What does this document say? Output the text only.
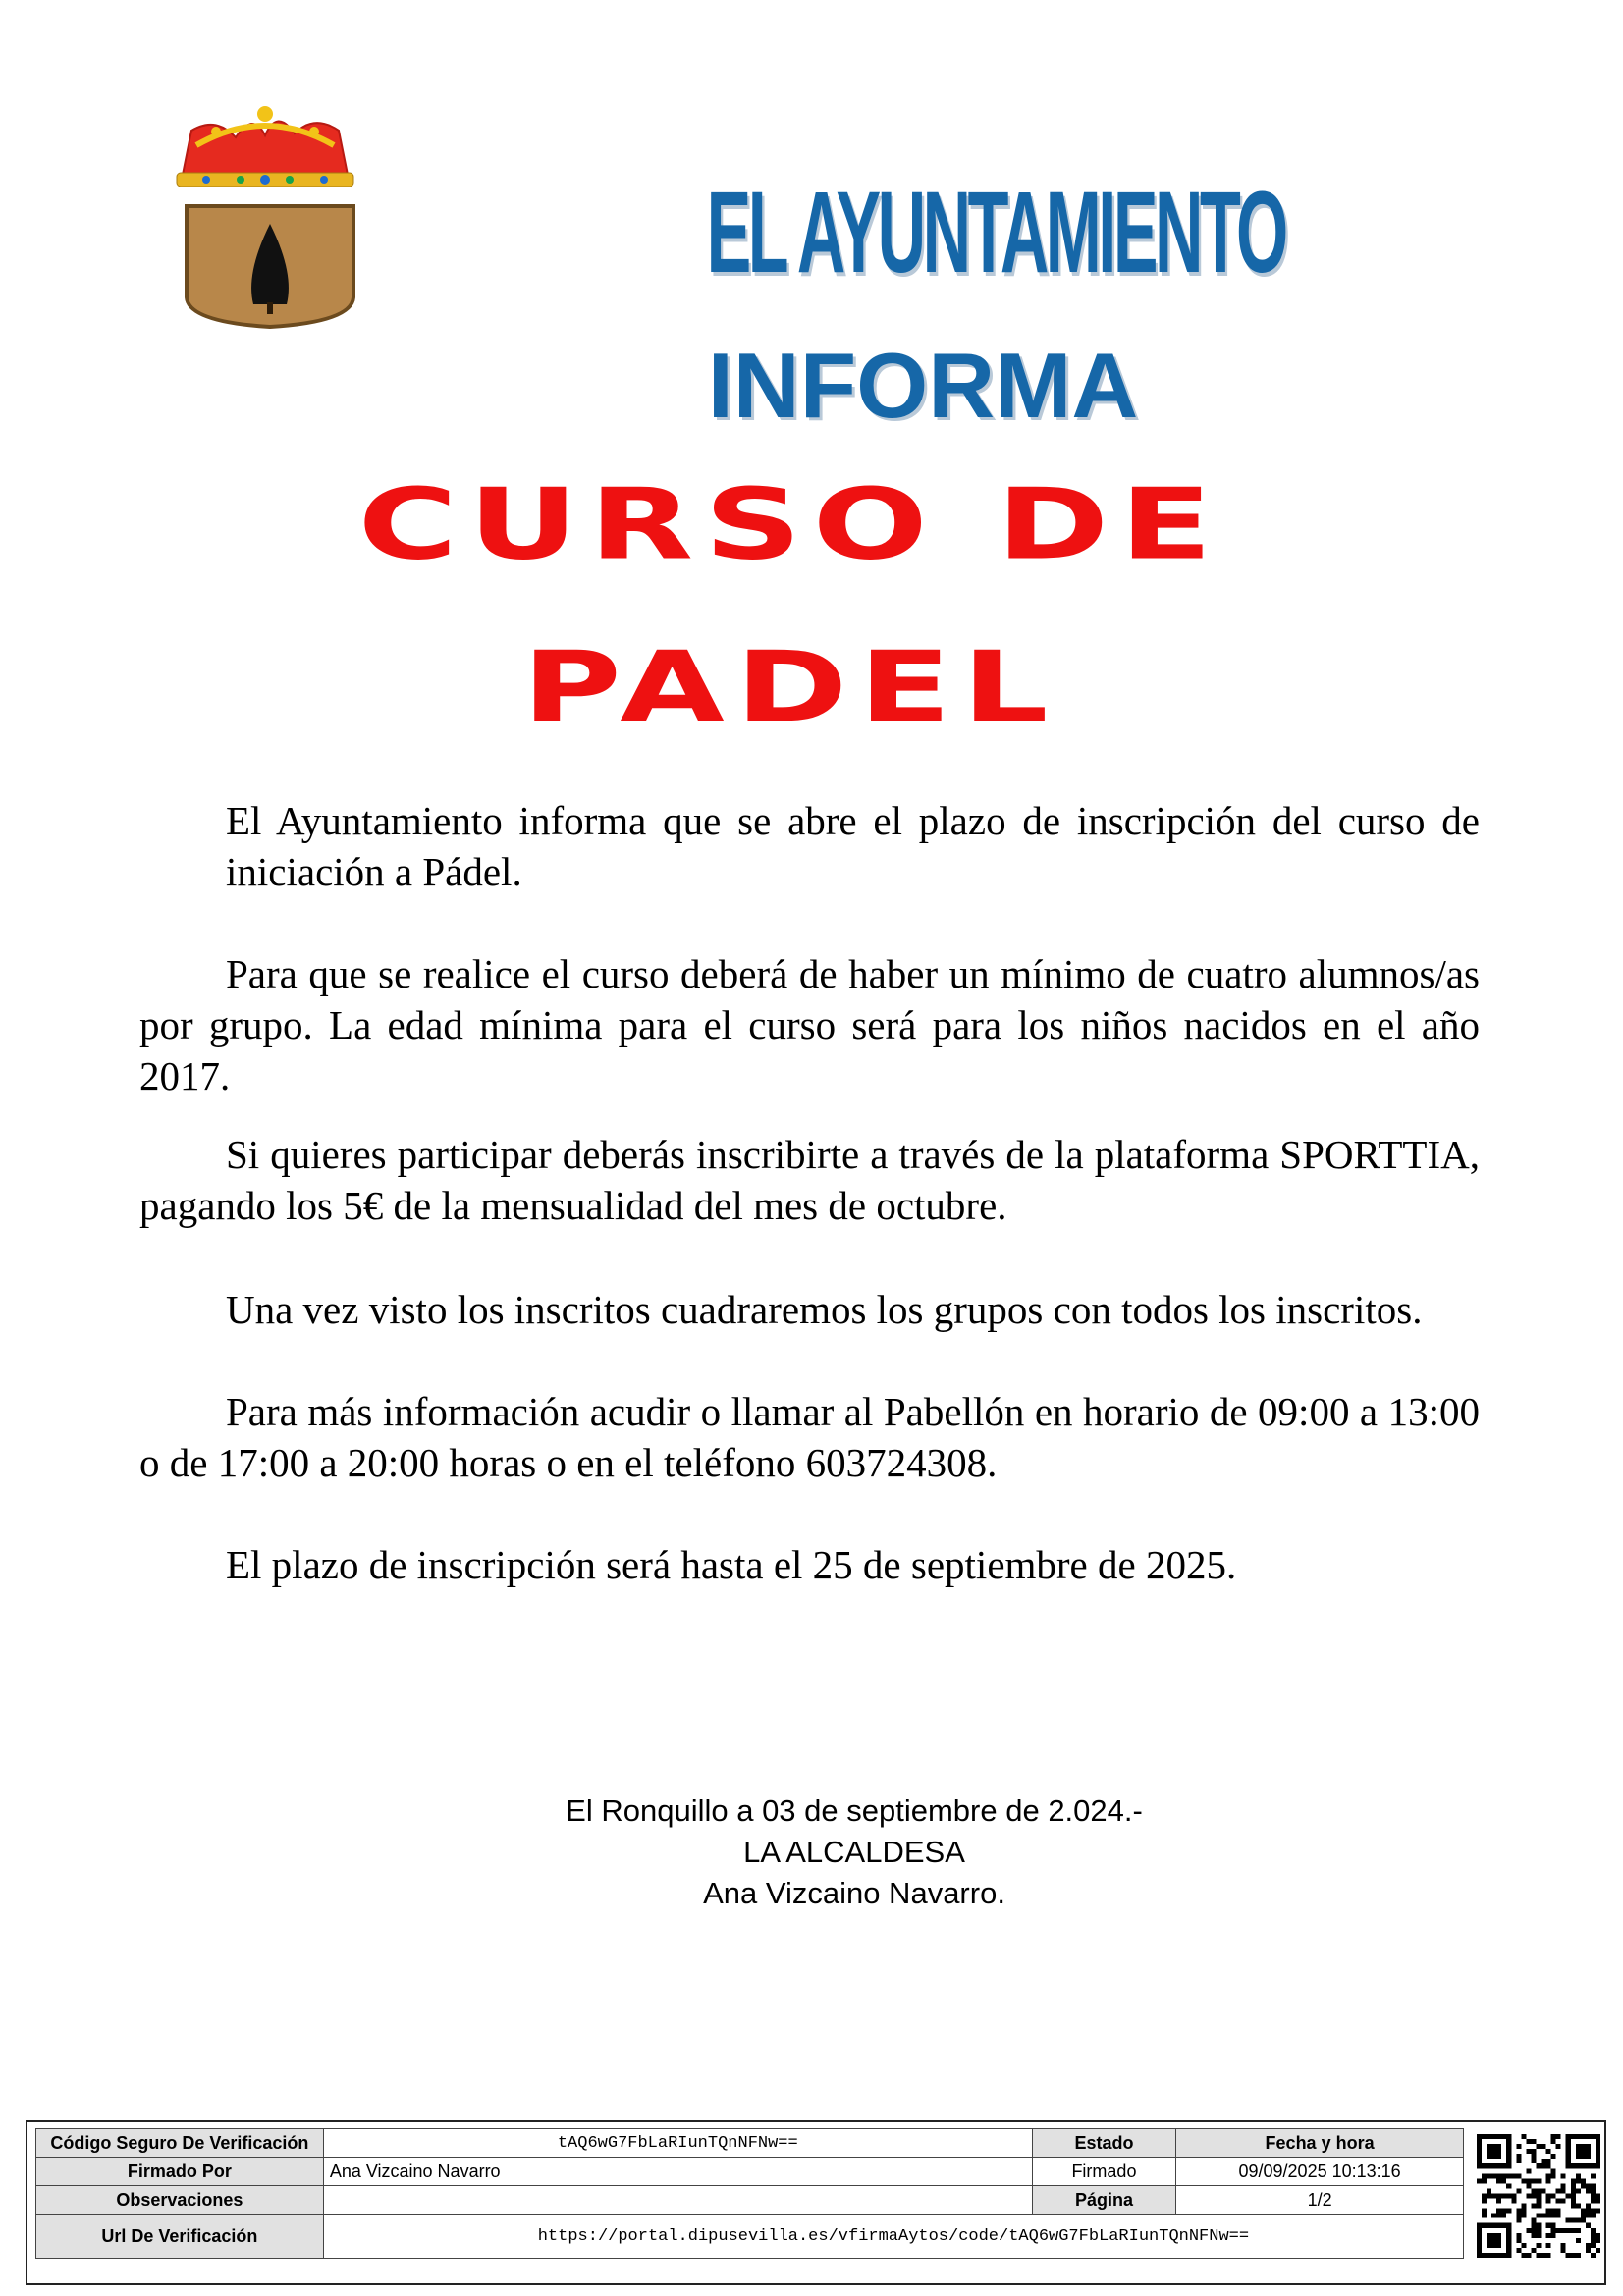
EL AYUNTAMIENTO
INFORMA
CURSO DE
PADEL

El Ayuntamiento informa que se abre el plazo de inscripción del curso de iniciación a Pádel.

Para que se realice el curso deberá de haber un mínimo de cuatro alumnos/as por grupo. La edad mínima para el curso será para los niños nacidos en el año 2017.

Si quieres participar deberás inscribirte a través de la plataforma SPORTTIA, pagando los 5€ de la mensualidad del mes de octubre.

Una vez visto los inscritos cuadraremos los grupos con todos los inscritos.

Para más información acudir o llamar al Pabellón en horario de 09:00 a 13:00 o de 17:00 a 20:00 horas o en el teléfono 603724308.

El plazo de inscripción será hasta el 25 de septiembre de 2025.

El Ronquillo a 03 de septiembre de 2.024.-
LA ALCALDESA
Ana Vizcaino Navarro.
Código Seguro De Verificación	tAQ6wG7FbLaRIunTQnNFNw==	Estado	Fecha y hora
Firmado Por	Ana Vizcaino Navarro	Firmado	09/09/2025 10:13:16
Observaciones		Página	1/2
Url De Verificación	https://portal.dipusevilla.es/vfirmaAytos/code/tAQ6wG7FbLaRIunTQnNFNw==		
